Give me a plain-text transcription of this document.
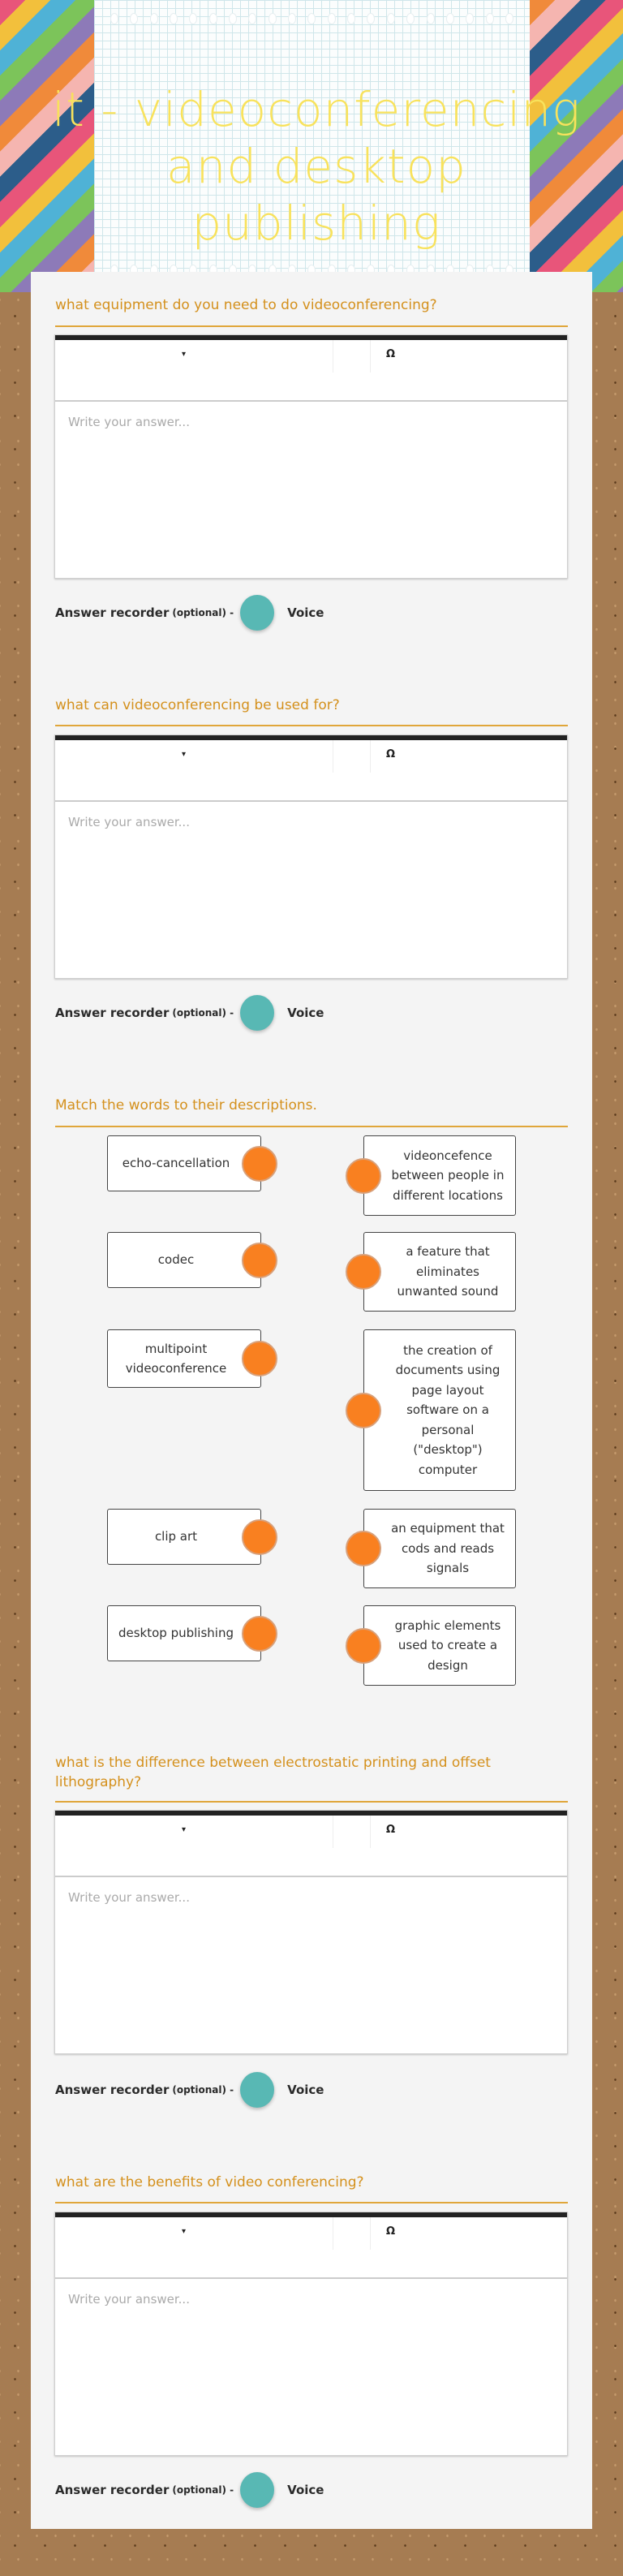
it - videoconferencing and desktop publishing
what equipment do you need to do videoconferencing?
▾	Ω
Write your answer...
Answer recorder (optional) -	Voice
what can videoconferencing be used for?
▾	Ω
Write your answer...
Answer recorder (optional) -	Voice
Match the words to their descriptions.
echo-cancellation
videoncefence between people in different locations
codec
a feature that eliminates unwanted sound
multipoint videoconference
the creation of documents using page layout software on a personal ("desktop") computer
clip art
an equipment that cods and reads signals
desktop publishing
graphic elements used to create a design
what is the difference between electrostatic printing and offset lithography?
▾	Ω
Write your answer...
Answer recorder (optional) -	Voice
what are the benefits of video conferencing?
▾	Ω
Write your answer...
Answer recorder (optional) -	Voice
